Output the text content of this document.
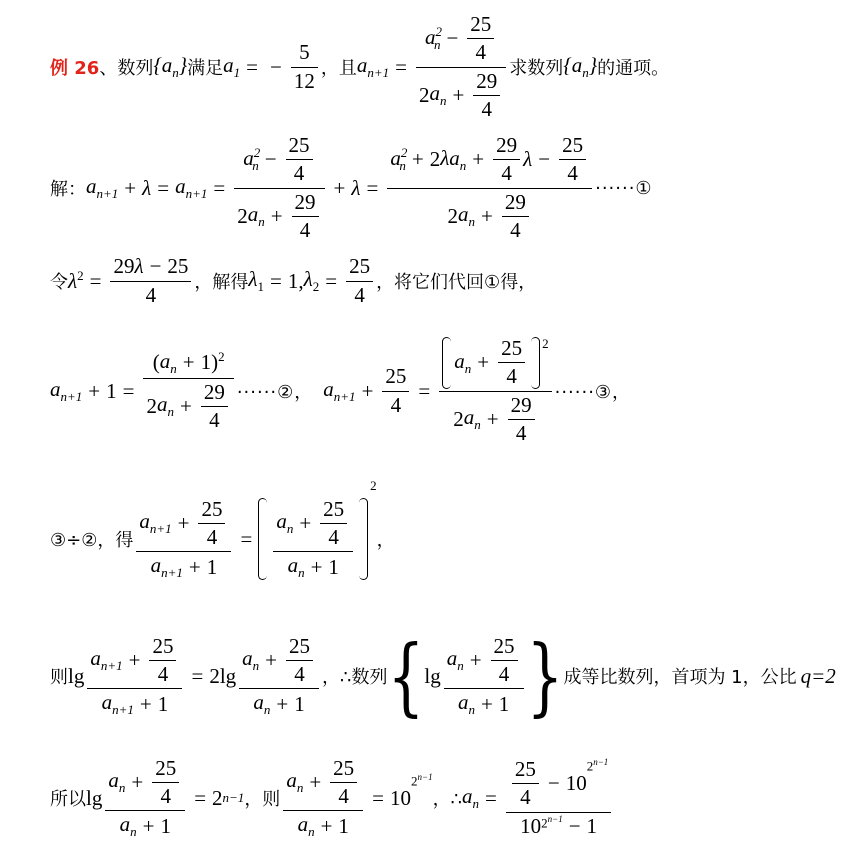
例 26 、数列 $\{a_n\}$ 满足 $a_1$ = − $\frac{5}{12}$ ，且 $a_{n+1} = \frac{a^2_n - \frac{25}{4}}{2 a_n + \frac{29}{4}}$ 求数列 $\{a_n\}$ 的通项。
解： $a_{n+1} + \lambda = a_{n+1} = \frac{a^2_n - \frac{25}{4}}{2 a_n + \frac{29}{4}} + \lambda = \frac{a^2_n + 2 \lambda a_n + \frac{29}{4} \lambda - \frac{25}{4}}{2 a_n + \frac{29}{4}}$ ······①
令 $\lambda^2 = \frac{29 \lambda - 25}{4}$ ，解得 $\lambda_1 = 1$, $\lambda_2 = \frac{25}{4}$ ，将它们代回①得，
$a_{n+1} + 1 = \frac{( a_n + 1 )^2}{2 a_n + \frac{29}{4}}$ ······②， $a_{n+1} + \frac{25}{4} = \frac{a_n + \frac{25}{4} 2}{2 a_n + \frac{29}{4}}$ ······③，
③÷②，得 $\frac{a_{n+1} + \frac{25}{4}}{a_{n+1} + 1} = \frac{a_n + \frac{25}{4}}{a_n + 1}$
2
，
则 $\lg \frac{a_{n+1} + \frac{25}{4}}{a_{n+1} + 1} = 2$ $\lg \frac{a_n + \frac{25}{4}}{a_n + 1}$ ，∴数列 { $\lg \frac{a_n + \frac{25}{4}}{a_n + 1}$ } 成等比数列，首项为 1，公比 q=2
所以 $\lg \frac{a_n + \frac{25}{4}}{a_n + 1} = 2$ n−1 ，则 $\frac{a_n + \frac{25}{4}}{a_n + 1} = 10$
$2^{n-1}$
，∴ $a_n = \frac{25}{4} - 10$
$2^{n-1}$
10 $2^{n-1} - 1$
